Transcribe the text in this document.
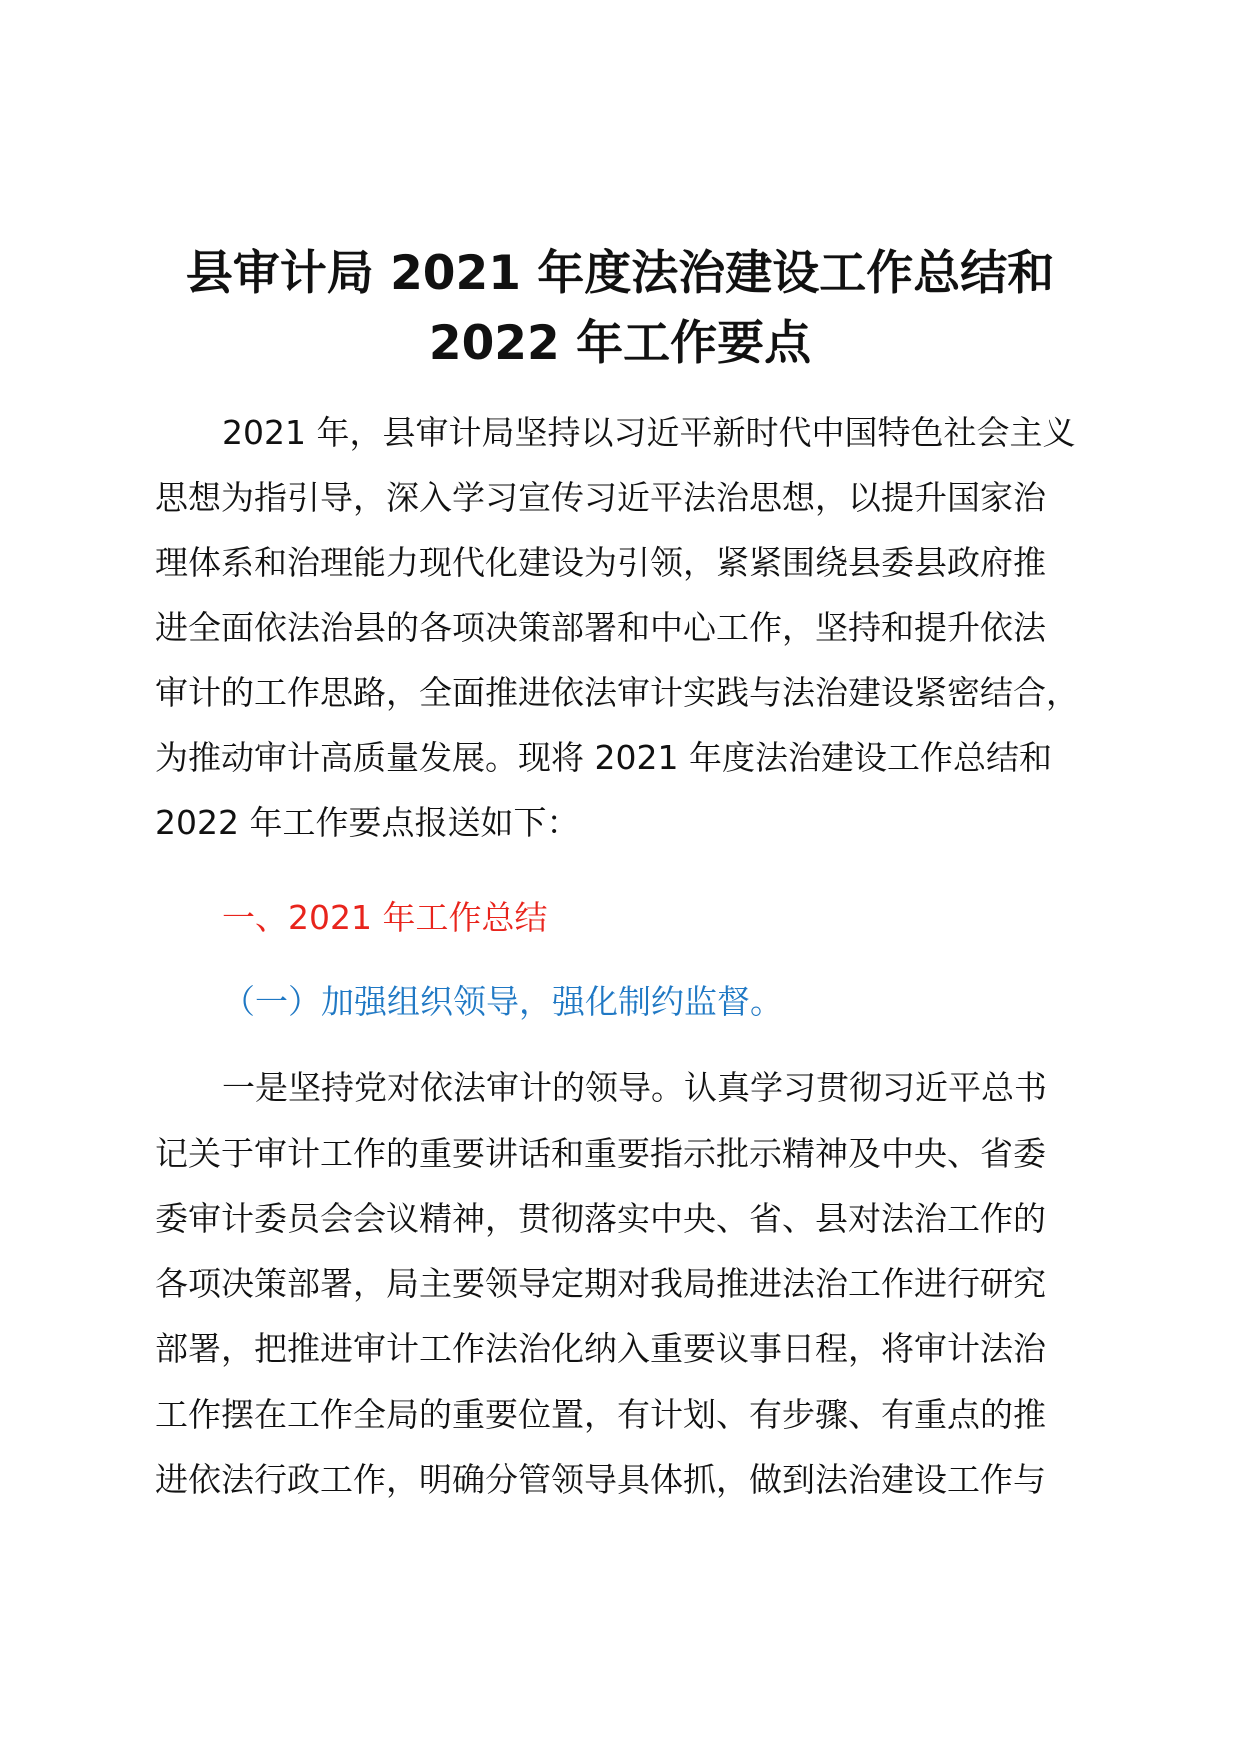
县审计局 2021 年度法治建设工作总结和
2022 年工作要点
2021 年，县审计局坚持以习近平新时代中国特色社会主义
思想为指引导，深入学习宣传习近平法治思想，以提升国家治
理体系和治理能力现代化建设为引领，紧紧围绕县委县政府推
进全面依法治县的各项决策部署和中心工作，坚持和提升依法
审计的工作思路，全面推进依法审计实践与法治建设紧密结合，
为推动审计高质量发展。现将 2021 年度法治建设工作总结和
2022 年工作要点报送如下：
一、2021 年工作总结
（一）加强组织领导，强化制约监督。
一是坚持党对依法审计的领导。认真学习贯彻习近平总书
记关于审计工作的重要讲话和重要指示批示精神及中央、省委
委审计委员会会议精神，贯彻落实中央、省、县对法治工作的
各项决策部署，局主要领导定期对我局推进法治工作进行研究
部署，把推进审计工作法治化纳入重要议事日程，将审计法治
工作摆在工作全局的重要位置，有计划、有步骤、有重点的推
进依法行政工作，明确分管领导具体抓，做到法治建设工作与
